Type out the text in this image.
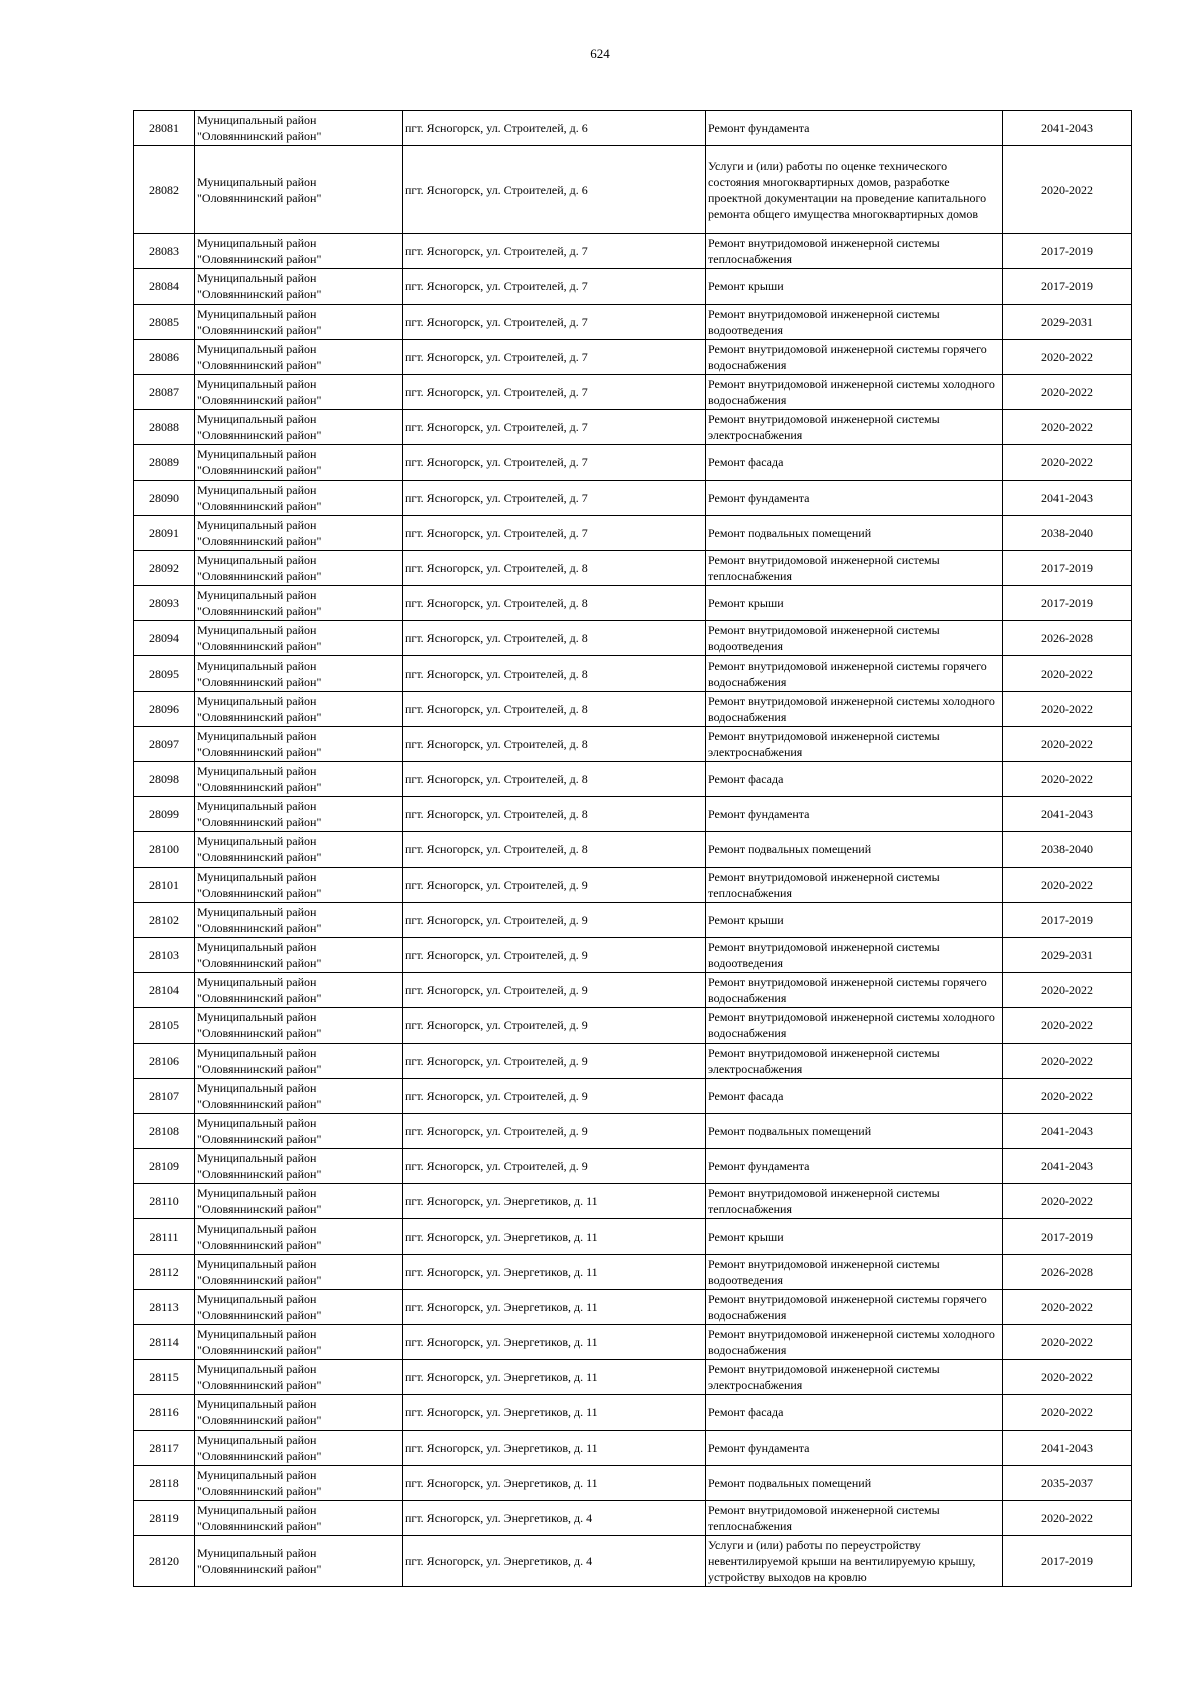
624
28081	Муниципальный район "Оловяннинский район"	пгт. Ясногорск, ул. Строителей, д. 6	Ремонт фундамента	2041-2043
28082	Муниципальный район "Оловяннинский район"	пгт. Ясногорск, ул. Строителей, д. 6	Услуги и (или) работы по оценке технического состояния многоквартирных домов, разработке проектной документации на проведение капитального ремонта общего имущества многоквартирных домов	2020-2022
28083	Муниципальный район "Оловяннинский район"	пгт. Ясногорск, ул. Строителей, д. 7	Ремонт внутридомовой инженерной системы теплоснабжения	2017-2019
28084	Муниципальный район "Оловяннинский район"	пгт. Ясногорск, ул. Строителей, д. 7	Ремонт крыши	2017-2019
28085	Муниципальный район "Оловяннинский район"	пгт. Ясногорск, ул. Строителей, д. 7	Ремонт внутридомовой инженерной системы водоотведения	2029-2031
28086	Муниципальный район "Оловяннинский район"	пгт. Ясногорск, ул. Строителей, д. 7	Ремонт внутридомовой инженерной системы горячего водоснабжения	2020-2022
28087	Муниципальный район "Оловяннинский район"	пгт. Ясногорск, ул. Строителей, д. 7	Ремонт внутридомовой инженерной системы холодного водоснабжения	2020-2022
28088	Муниципальный район "Оловяннинский район"	пгт. Ясногорск, ул. Строителей, д. 7	Ремонт внутридомовой инженерной системы электроснабжения	2020-2022
28089	Муниципальный район "Оловяннинский район"	пгт. Ясногорск, ул. Строителей, д. 7	Ремонт фасада	2020-2022
28090	Муниципальный район "Оловяннинский район"	пгт. Ясногорск, ул. Строителей, д. 7	Ремонт фундамента	2041-2043
28091	Муниципальный район "Оловяннинский район"	пгт. Ясногорск, ул. Строителей, д. 7	Ремонт подвальных помещений	2038-2040
28092	Муниципальный район "Оловяннинский район"	пгт. Ясногорск, ул. Строителей, д. 8	Ремонт внутридомовой инженерной системы теплоснабжения	2017-2019
28093	Муниципальный район "Оловяннинский район"	пгт. Ясногорск, ул. Строителей, д. 8	Ремонт крыши	2017-2019
28094	Муниципальный район "Оловяннинский район"	пгт. Ясногорск, ул. Строителей, д. 8	Ремонт внутридомовой инженерной системы водоотведения	2026-2028
28095	Муниципальный район "Оловяннинский район"	пгт. Ясногорск, ул. Строителей, д. 8	Ремонт внутридомовой инженерной системы горячего водоснабжения	2020-2022
28096	Муниципальный район "Оловяннинский район"	пгт. Ясногорск, ул. Строителей, д. 8	Ремонт внутридомовой инженерной системы холодного водоснабжения	2020-2022
28097	Муниципальный район "Оловяннинский район"	пгт. Ясногорск, ул. Строителей, д. 8	Ремонт внутридомовой инженерной системы электроснабжения	2020-2022
28098	Муниципальный район "Оловяннинский район"	пгт. Ясногорск, ул. Строителей, д. 8	Ремонт фасада	2020-2022
28099	Муниципальный район "Оловяннинский район"	пгт. Ясногорск, ул. Строителей, д. 8	Ремонт фундамента	2041-2043
28100	Муниципальный район "Оловяннинский район"	пгт. Ясногорск, ул. Строителей, д. 8	Ремонт подвальных помещений	2038-2040
28101	Муниципальный район "Оловяннинский район"	пгт. Ясногорск, ул. Строителей, д. 9	Ремонт внутридомовой инженерной системы теплоснабжения	2020-2022
28102	Муниципальный район "Оловяннинский район"	пгт. Ясногорск, ул. Строителей, д. 9	Ремонт крыши	2017-2019
28103	Муниципальный район "Оловяннинский район"	пгт. Ясногорск, ул. Строителей, д. 9	Ремонт внутридомовой инженерной системы водоотведения	2029-2031
28104	Муниципальный район "Оловяннинский район"	пгт. Ясногорск, ул. Строителей, д. 9	Ремонт внутридомовой инженерной системы горячего водоснабжения	2020-2022
28105	Муниципальный район "Оловяннинский район"	пгт. Ясногорск, ул. Строителей, д. 9	Ремонт внутридомовой инженерной системы холодного водоснабжения	2020-2022
28106	Муниципальный район "Оловяннинский район"	пгт. Ясногорск, ул. Строителей, д. 9	Ремонт внутридомовой инженерной системы электроснабжения	2020-2022
28107	Муниципальный район "Оловяннинский район"	пгт. Ясногорск, ул. Строителей, д. 9	Ремонт фасада	2020-2022
28108	Муниципальный район "Оловяннинский район"	пгт. Ясногорск, ул. Строителей, д. 9	Ремонт подвальных помещений	2041-2043
28109	Муниципальный район "Оловяннинский район"	пгт. Ясногорск, ул. Строителей, д. 9	Ремонт фундамента	2041-2043
28110	Муниципальный район "Оловяннинский район"	пгт. Ясногорск, ул. Энергетиков, д. 11	Ремонт внутридомовой инженерной системы теплоснабжения	2020-2022
28111	Муниципальный район "Оловяннинский район"	пгт. Ясногорск, ул. Энергетиков, д. 11	Ремонт крыши	2017-2019
28112	Муниципальный район "Оловяннинский район"	пгт. Ясногорск, ул. Энергетиков, д. 11	Ремонт внутридомовой инженерной системы водоотведения	2026-2028
28113	Муниципальный район "Оловяннинский район"	пгт. Ясногорск, ул. Энергетиков, д. 11	Ремонт внутридомовой инженерной системы горячего водоснабжения	2020-2022
28114	Муниципальный район "Оловяннинский район"	пгт. Ясногорск, ул. Энергетиков, д. 11	Ремонт внутридомовой инженерной системы холодного водоснабжения	2020-2022
28115	Муниципальный район "Оловяннинский район"	пгт. Ясногорск, ул. Энергетиков, д. 11	Ремонт внутридомовой инженерной системы электроснабжения	2020-2022
28116	Муниципальный район "Оловяннинский район"	пгт. Ясногорск, ул. Энергетиков, д. 11	Ремонт фасада	2020-2022
28117	Муниципальный район "Оловяннинский район"	пгт. Ясногорск, ул. Энергетиков, д. 11	Ремонт фундамента	2041-2043
28118	Муниципальный район "Оловяннинский район"	пгт. Ясногорск, ул. Энергетиков, д. 11	Ремонт подвальных помещений	2035-2037
28119	Муниципальный район "Оловяннинский район"	пгт. Ясногорск, ул. Энергетиков, д. 4	Ремонт внутридомовой инженерной системы теплоснабжения	2020-2022
28120	Муниципальный район "Оловяннинский район"	пгт. Ясногорск, ул. Энергетиков, д. 4	Услуги и (или) работы по переустройству невентилируемой крыши на вентилируемую крышу, устройству выходов на кровлю	2017-2019
